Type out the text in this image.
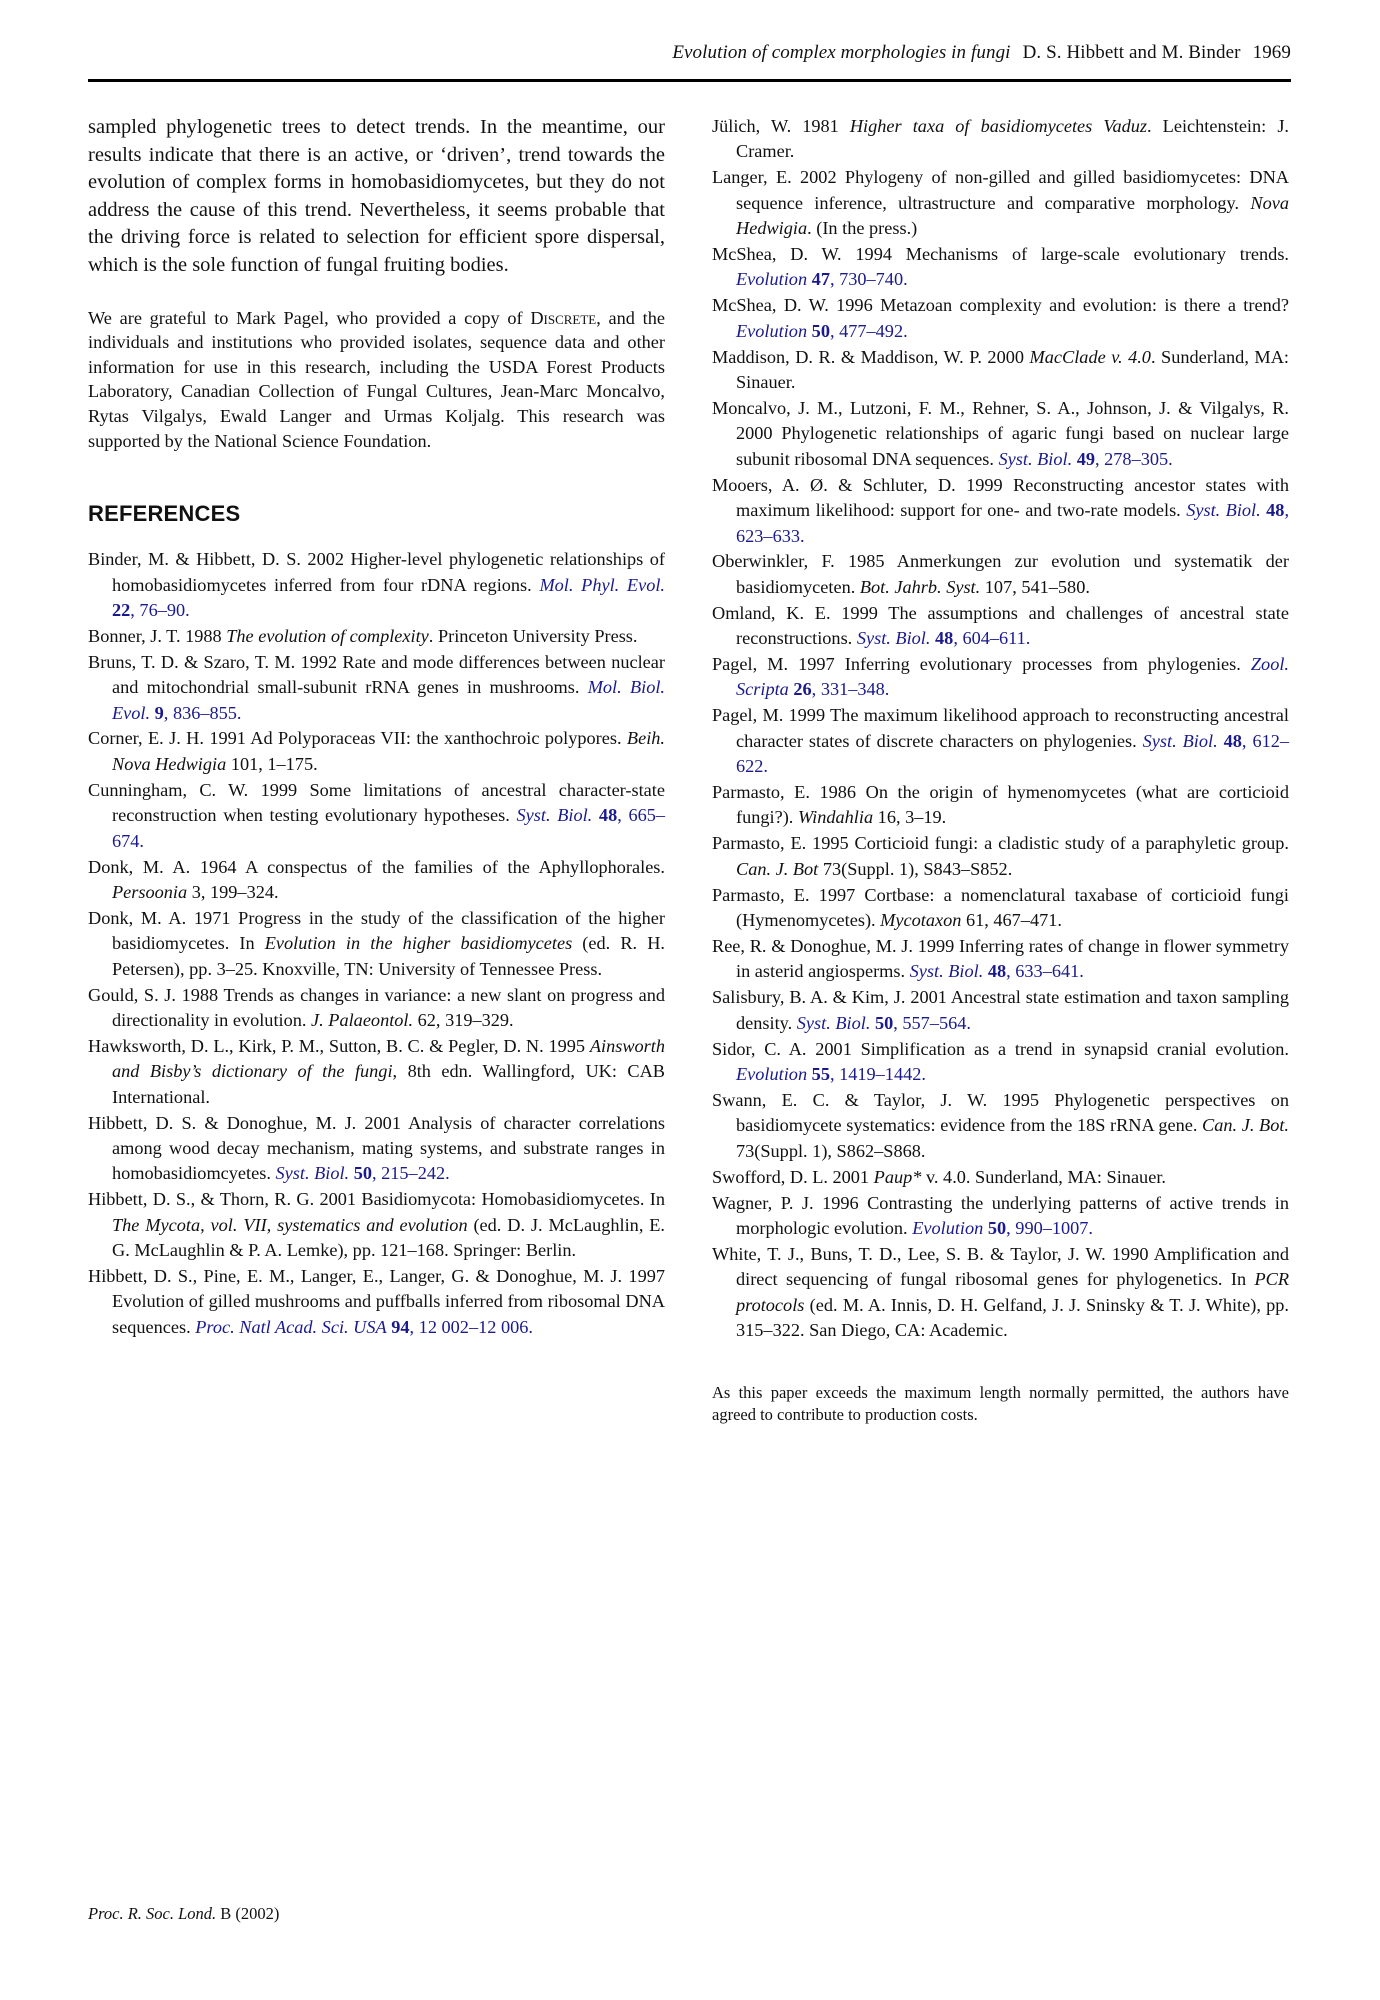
Evolution of complex morphologies in fungi D. S. Hibbett and M. Binder 1969

sampled phylogenetic trees to detect trends. In the meantime, our results indicate that there is an active, or ‘driven’, trend towards the evolution of complex forms in homobasidiomycetes, but they do not address the cause of this trend. Nevertheless, it seems probable that the driving force is related to selection for efficient spore dispersal, which is the sole function of fungal fruiting bodies.

We are grateful to Mark Pagel, who provided a copy of Discrete, and the individuals and institutions who provided isolates, sequence data and other information for use in this research, including the USDA Forest Products Laboratory, Canadian Collection of Fungal Cultures, Jean-Marc Moncalvo, Rytas Vilgalys, Ewald Langer and Urmas Koljalg. This research was supported by the National Science Foundation.

REFERENCES

Binder, M. & Hibbett, D. S. 2002 Higher-level phylogenetic relationships of homobasidiomycetes inferred from four rDNA regions. Mol. Phyl. Evol. 22, 76–90.

Bonner, J. T. 1988 The evolution of complexity. Princeton University Press.

Bruns, T. D. & Szaro, T. M. 1992 Rate and mode differences between nuclear and mitochondrial small-subunit rRNA genes in mushrooms. Mol. Biol. Evol. 9, 836–855.

Corner, E. J. H. 1991 Ad Polyporaceas VII: the xanthochroic polypores. Beih. Nova Hedwigia 101, 1–175.

Cunningham, C. W. 1999 Some limitations of ancestral character-state reconstruction when testing evolutionary hypotheses. Syst. Biol. 48, 665–674.

Donk, M. A. 1964 A conspectus of the families of the Aphyllophorales. Persoonia 3, 199–324.

Donk, M. A. 1971 Progress in the study of the classification of the higher basidiomycetes. In Evolution in the higher basidiomycetes (ed. R. H. Petersen), pp. 3–25. Knoxville, TN: University of Tennessee Press.

Gould, S. J. 1988 Trends as changes in variance: a new slant on progress and directionality in evolution. J. Palaeontol. 62, 319–329.

Hawksworth, D. L., Kirk, P. M., Sutton, B. C. & Pegler, D. N. 1995 Ainsworth and Bisby’s dictionary of the fungi, 8th edn. Wallingford, UK: CAB International.

Hibbett, D. S. & Donoghue, M. J. 2001 Analysis of character correlations among wood decay mechanism, mating systems, and substrate ranges in homobasidiomcyetes. Syst. Biol. 50, 215–242.

Hibbett, D. S., & Thorn, R. G. 2001 Basidiomycota: Homobasidiomycetes. In The Mycota, vol. VII, systematics and evolution (ed. D. J. McLaughlin, E. G. McLaughlin & P. A. Lemke), pp. 121–168. Springer: Berlin.

Hibbett, D. S., Pine, E. M., Langer, E., Langer, G. & Donoghue, M. J. 1997 Evolution of gilled mushrooms and puffballs inferred from ribosomal DNA sequences. Proc. Natl Acad. Sci. USA 94, 12 002–12 006.

Jülich, W. 1981 Higher taxa of basidiomycetes Vaduz. Leichtenstein: J. Cramer.

Langer, E. 2002 Phylogeny of non-gilled and gilled basidiomycetes: DNA sequence inference, ultrastructure and comparative morphology. Nova Hedwigia. (In the press.)

McShea, D. W. 1994 Mechanisms of large-scale evolutionary trends. Evolution 47, 730–740.

McShea, D. W. 1996 Metazoan complexity and evolution: is there a trend? Evolution 50, 477–492.

Maddison, D. R. & Maddison, W. P. 2000 MacClade v. 4.0. Sunderland, MA: Sinauer.

Moncalvo, J. M., Lutzoni, F. M., Rehner, S. A., Johnson, J. & Vilgalys, R. 2000 Phylogenetic relationships of agaric fungi based on nuclear large subunit ribosomal DNA sequences. Syst. Biol. 49, 278–305.

Mooers, A. Ø. & Schluter, D. 1999 Reconstructing ancestor states with maximum likelihood: support for one- and two-rate models. Syst. Biol. 48, 623–633.

Oberwinkler, F. 1985 Anmerkungen zur evolution und systematik der basidiomyceten. Bot. Jahrb. Syst. 107, 541–580.

Omland, K. E. 1999 The assumptions and challenges of ancestral state reconstructions. Syst. Biol. 48, 604–611.

Pagel, M. 1997 Inferring evolutionary processes from phylogenies. Zool. Scripta 26, 331–348.

Pagel, M. 1999 The maximum likelihood approach to reconstructing ancestral character states of discrete characters on phylogenies. Syst. Biol. 48, 612–622.

Parmasto, E. 1986 On the origin of hymenomycetes (what are corticioid fungi?). Windahlia 16, 3–19.

Parmasto, E. 1995 Corticioid fungi: a cladistic study of a paraphyletic group. Can. J. Bot 73(Suppl. 1), S843–S852.

Parmasto, E. 1997 Cortbase: a nomenclatural taxabase of corticioid fungi (Hymenomycetes). Mycotaxon 61, 467–471.

Ree, R. & Donoghue, M. J. 1999 Inferring rates of change in flower symmetry in asterid angiosperms. Syst. Biol. 48, 633–641.

Salisbury, B. A. & Kim, J. 2001 Ancestral state estimation and taxon sampling density. Syst. Biol. 50, 557–564.

Sidor, C. A. 2001 Simplification as a trend in synapsid cranial evolution. Evolution 55, 1419–1442.

Swann, E. C. & Taylor, J. W. 1995 Phylogenetic perspectives on basidiomycete systematics: evidence from the 18S rRNA gene. Can. J. Bot. 73(Suppl. 1), S862–S868.

Swofford, D. L. 2001 Paup* v. 4.0. Sunderland, MA: Sinauer.

Wagner, P. J. 1996 Contrasting the underlying patterns of active trends in morphologic evolution. Evolution 50, 990–1007.

White, T. J., Buns, T. D., Lee, S. B. & Taylor, J. W. 1990 Amplification and direct sequencing of fungal ribosomal genes for phylogenetics. In PCR protocols (ed. M. A. Innis, D. H. Gelfand, J. J. Sninsky & T. J. White), pp. 315–322. San Diego, CA: Academic.

As this paper exceeds the maximum length normally permitted, the authors have agreed to contribute to production costs.

Proc. R. Soc. Lond. B (2002)
